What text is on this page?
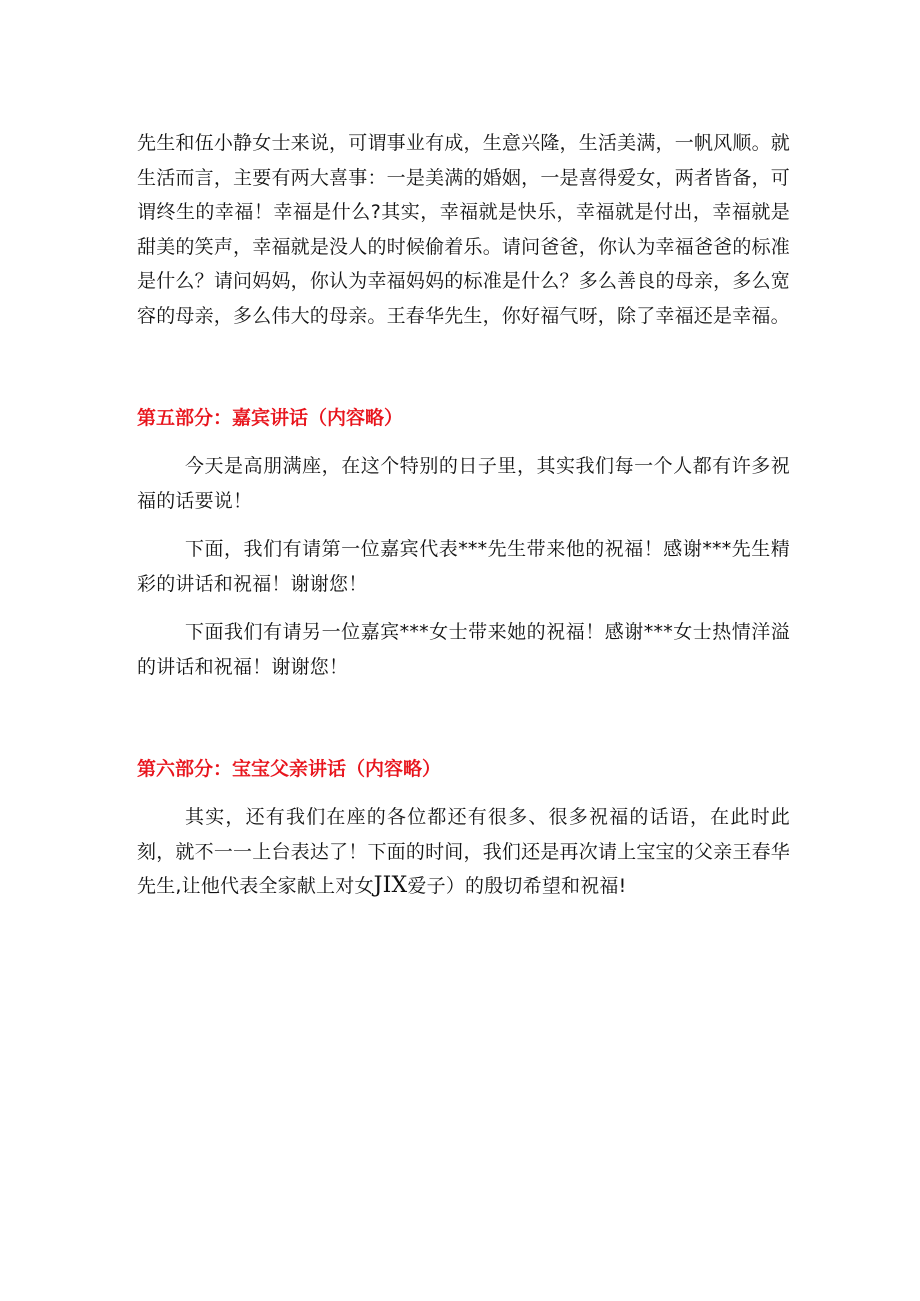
先生和伍小静女士来说，可谓事业有成，生意兴隆，生活美满，一帆风顺。就生活而言，主要有两大喜事：一是美满的婚姻，一是喜得爱女，两者皆备，可谓终生的幸福！幸福是什么?其实，幸福就是快乐，幸福就是付出，幸福就是甜美的笑声，幸福就是没人的时候偷着乐。请问爸爸，你认为幸福爸爸的标准是什么？请问妈妈，你认为幸福妈妈的标准是什么？多么善良的母亲，多么宽容的母亲，多么伟大的母亲。王春华先生，你好福气呀，除了幸福还是幸福。

第五部分：嘉宾讲话（内容略）

今天是高朋满座，在这个特别的日子里，其实我们每一个人都有许多祝福的话要说！

下面，我们有请第一位嘉宾代表***先生带来他的祝福！感谢***先生精彩的讲话和祝福！谢谢您！

下面我们有请另一位嘉宾***女士带来她的祝福！感谢***女士热情洋溢的讲话和祝福！谢谢您！

第六部分：宝宝父亲讲话（内容略）

其实，还有我们在座的各位都还有很多、很多祝福的话语，在此时此刻，就不一一上台表达了！下面的时间，我们还是再次请上宝宝的父亲王春华先生,让他代表全家献上对女JIX爱子）的殷切希望和祝福!
